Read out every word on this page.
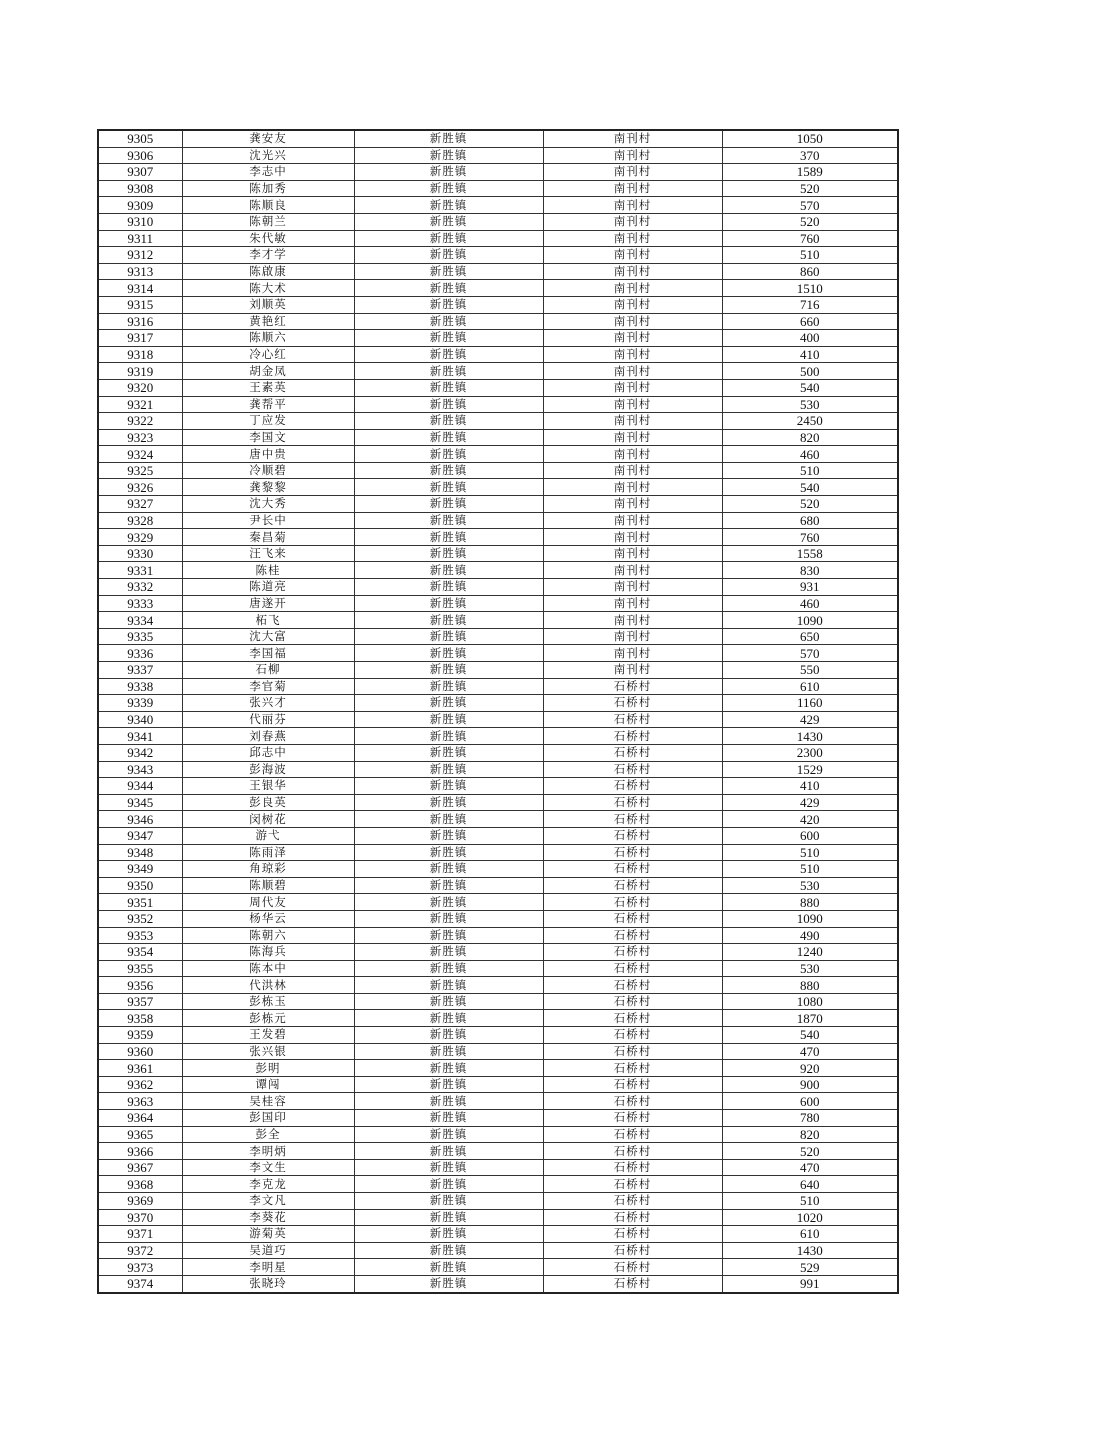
9305	龚安友	新胜镇	南刊村	1050
9306	沈光兴	新胜镇	南刊村	370
9307	李志中	新胜镇	南刊村	1589
9308	陈加秀	新胜镇	南刊村	520
9309	陈顺良	新胜镇	南刊村	570
9310	陈朝兰	新胜镇	南刊村	520
9311	朱代敏	新胜镇	南刊村	760
9312	李才学	新胜镇	南刊村	510
9313	陈啟康	新胜镇	南刊村	860
9314	陈大术	新胜镇	南刊村	1510
9315	刘顺英	新胜镇	南刊村	716
9316	黄艳红	新胜镇	南刊村	660
9317	陈顺六	新胜镇	南刊村	400
9318	冷心红	新胜镇	南刊村	410
9319	胡金凤	新胜镇	南刊村	500
9320	王素英	新胜镇	南刊村	540
9321	龚帮平	新胜镇	南刊村	530
9322	丁应发	新胜镇	南刊村	2450
9323	李国文	新胜镇	南刊村	820
9324	唐中贵	新胜镇	南刊村	460
9325	冷顺碧	新胜镇	南刊村	510
9326	龚黎黎	新胜镇	南刊村	540
9327	沈大秀	新胜镇	南刊村	520
9328	尹长中	新胜镇	南刊村	680
9329	秦昌菊	新胜镇	南刊村	760
9330	汪飞来	新胜镇	南刊村	1558
9331	陈桂	新胜镇	南刊村	830
9332	陈道亮	新胜镇	南刊村	931
9333	唐遂开	新胜镇	南刊村	460
9334	柘飞	新胜镇	南刊村	1090
9335	沈大富	新胜镇	南刊村	650
9336	李国福	新胜镇	南刊村	570
9337	石柳	新胜镇	南刊村	550
9338	李官菊	新胜镇	石桥村	610
9339	张兴才	新胜镇	石桥村	1160
9340	代丽芬	新胜镇	石桥村	429
9341	刘春燕	新胜镇	石桥村	1430
9342	邱志中	新胜镇	石桥村	2300
9343	彭海波	新胜镇	石桥村	1529
9344	王银华	新胜镇	石桥村	410
9345	彭良英	新胜镇	石桥村	429
9346	闵树花	新胜镇	石桥村	420
9347	游弋	新胜镇	石桥村	600
9348	陈雨泽	新胜镇	石桥村	510
9349	角琼彩	新胜镇	石桥村	510
9350	陈顺碧	新胜镇	石桥村	530
9351	周代友	新胜镇	石桥村	880
9352	杨华云	新胜镇	石桥村	1090
9353	陈朝六	新胜镇	石桥村	490
9354	陈海兵	新胜镇	石桥村	1240
9355	陈本中	新胜镇	石桥村	530
9356	代洪林	新胜镇	石桥村	880
9357	彭栋玉	新胜镇	石桥村	1080
9358	彭栋元	新胜镇	石桥村	1870
9359	王发碧	新胜镇	石桥村	540
9360	张兴银	新胜镇	石桥村	470
9361	彭明	新胜镇	石桥村	920
9362	谭闯	新胜镇	石桥村	900
9363	吴桂容	新胜镇	石桥村	600
9364	彭国印	新胜镇	石桥村	780
9365	彭全	新胜镇	石桥村	820
9366	李明炳	新胜镇	石桥村	520
9367	李文生	新胜镇	石桥村	470
9368	李克龙	新胜镇	石桥村	640
9369	李文凡	新胜镇	石桥村	510
9370	李葵花	新胜镇	石桥村	1020
9371	游菊英	新胜镇	石桥村	610
9372	吴道巧	新胜镇	石桥村	1430
9373	李明星	新胜镇	石桥村	529
9374	张晓玲	新胜镇	石桥村	991
